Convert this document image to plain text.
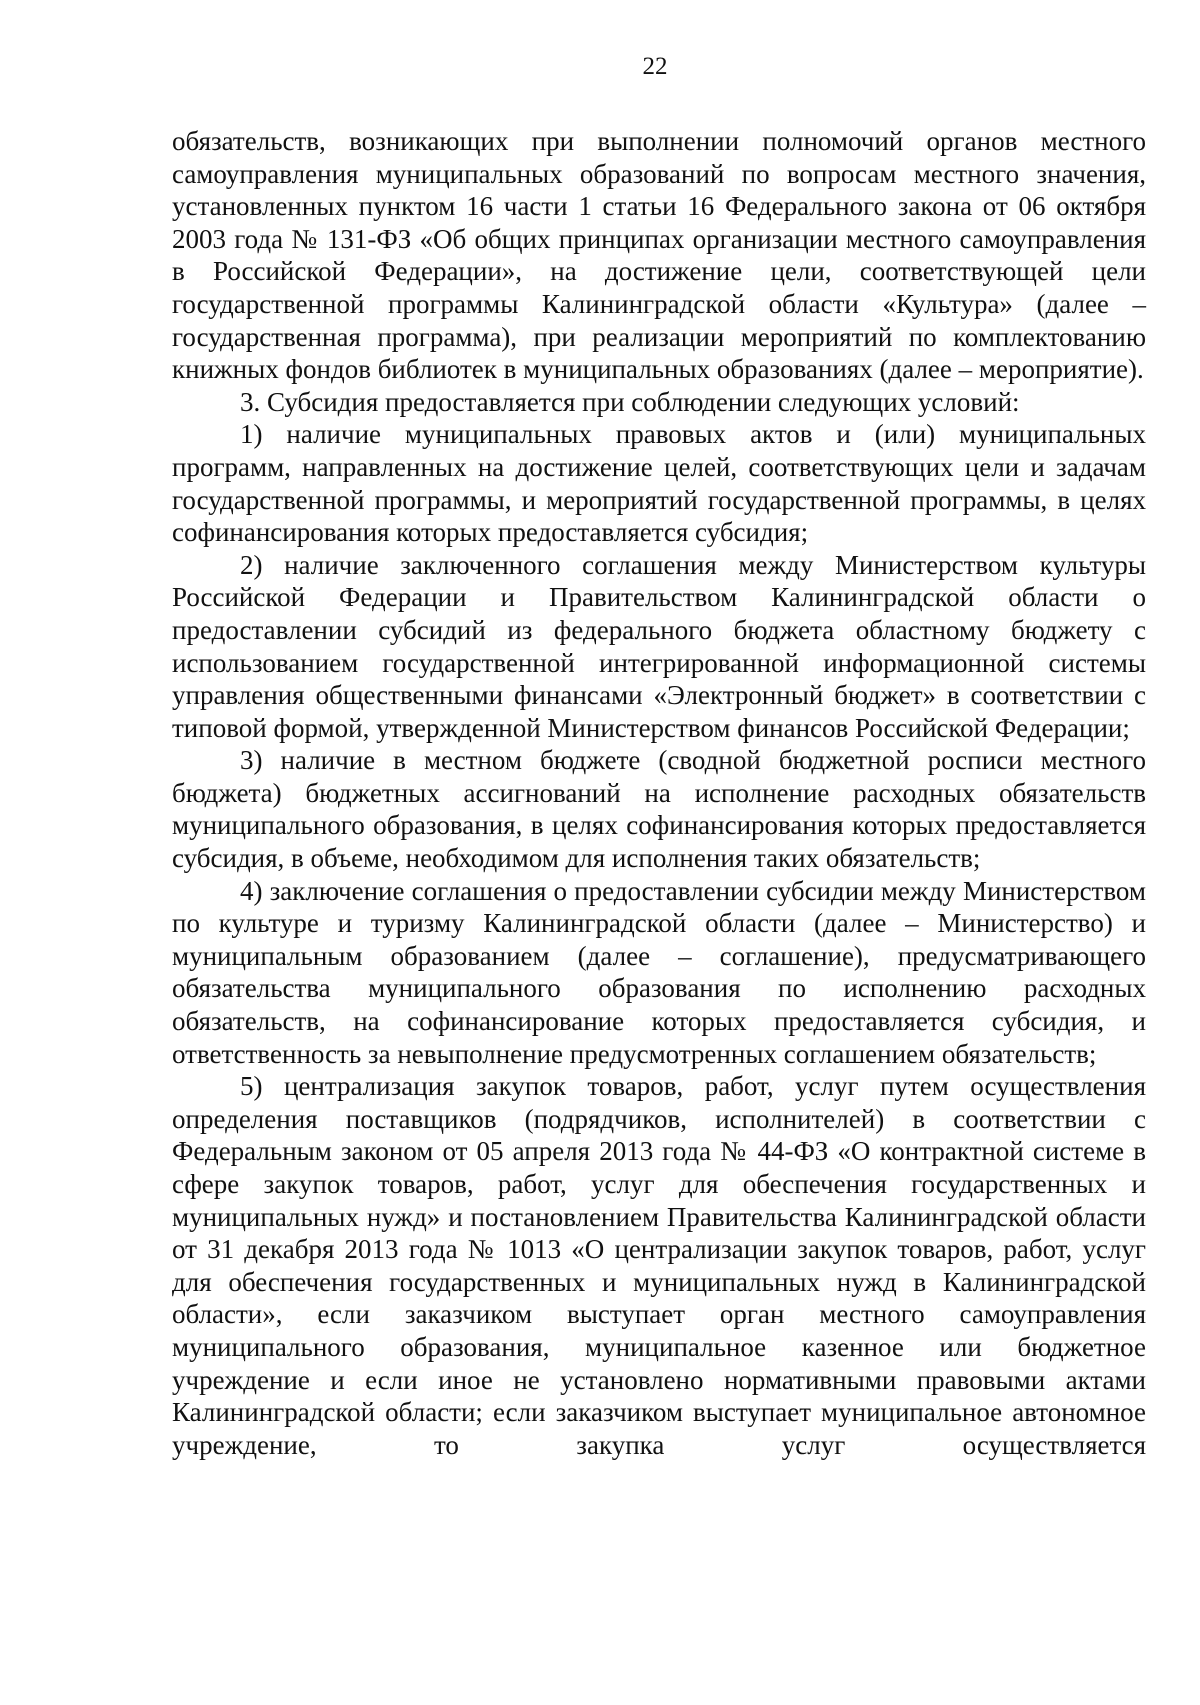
22

обязательств, возникающих при выполнении полномочий органов местного самоуправления муниципальных образований по вопросам местного значения, установленных пунктом 16 части 1 статьи 16 Федерального закона от 06 октября 2003 года № 131-ФЗ «Об общих принципах организации местного самоуправления в Российской Федерации», на достижение цели, соответствующей цели государственной программы Калининградской области «Культура» (далее – государственная программа), при реализации мероприятий по комплектованию книжных фондов библиотек в муниципальных образованиях (далее – мероприятие).

3. Субсидия предоставляется при соблюдении следующих условий:

1) наличие муниципальных правовых актов и (или) муниципальных программ, направленных на достижение целей, соответствующих цели и задачам государственной программы, и мероприятий государственной программы, в целях софинансирования которых предоставляется субсидия;

2) наличие заключенного соглашения между Министерством культуры Российской Федерации и Правительством Калининградской области о предоставлении субсидий из федерального бюджета областному бюджету с использованием государственной интегрированной информационной системы управления общественными финансами «Электронный бюджет» в соответствии с типовой формой, утвержденной Министерством финансов Российской Федерации;

3) наличие в местном бюджете (сводной бюджетной росписи местного бюджета) бюджетных ассигнований на исполнение расходных обязательств муниципального образования, в целях софинансирования которых предоставляется субсидия, в объеме, необходимом для исполнения таких обязательств;

4) заключение соглашения о предоставлении субсидии между Министерством по культуре и туризму Калининградской области (далее – Министерство) и муниципальным образованием (далее – соглашение), предусматривающего обязательства муниципального образования по исполнению расходных обязательств, на софинансирование которых предоставляется субсидия, и ответственность за невыполнение предусмотренных соглашением обязательств;

5) централизация закупок товаров, работ, услуг путем осуществления определения поставщиков (подрядчиков, исполнителей) в соответствии с Федеральным законом от 05 апреля 2013 года № 44-ФЗ «О контрактной системе в сфере закупок товаров, работ, услуг для обеспечения государственных и муниципальных нужд» и постановлением Правительства Калининградской области от 31 декабря 2013 года № 1013 «О централизации закупок товаров, работ, услуг для обеспечения государственных и муниципальных нужд в Калининградской области», если заказчиком выступает орган местного самоуправления муниципального образования, муниципальное казенное или бюджетное учреждение и если иное не установлено нормативными правовыми актами Калининградской области; если заказчиком выступает муниципальное автономное учреждение, то закупка услуг осуществляется
